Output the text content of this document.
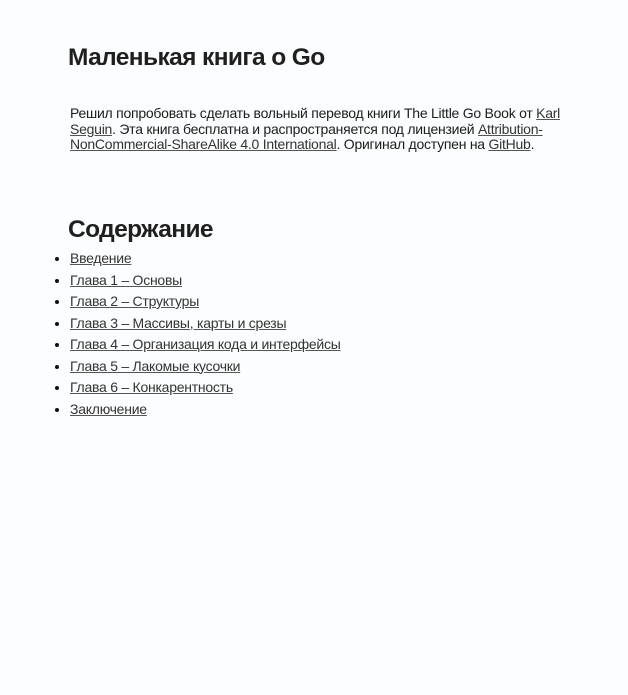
Маленькая книга о Go

Решил попробовать сделать вольный перевод книги The Little Go Book от Karl Seguin. Эта книга бесплатна и распространяется под лицензией Attribution-NonCommercial-ShareAlike 4.0 International. Оригинал доступен на GitHub.

Содержание
• Введение
• Глава 1 – Основы
• Глава 2 – Структуры
• Глава 3 – Массивы, карты и срезы
• Глава 4 – Организация кода и интерфейсы
• Глава 5 – Лакомые кусочки
• Глава 6 – Конкарентность
• Заключение
